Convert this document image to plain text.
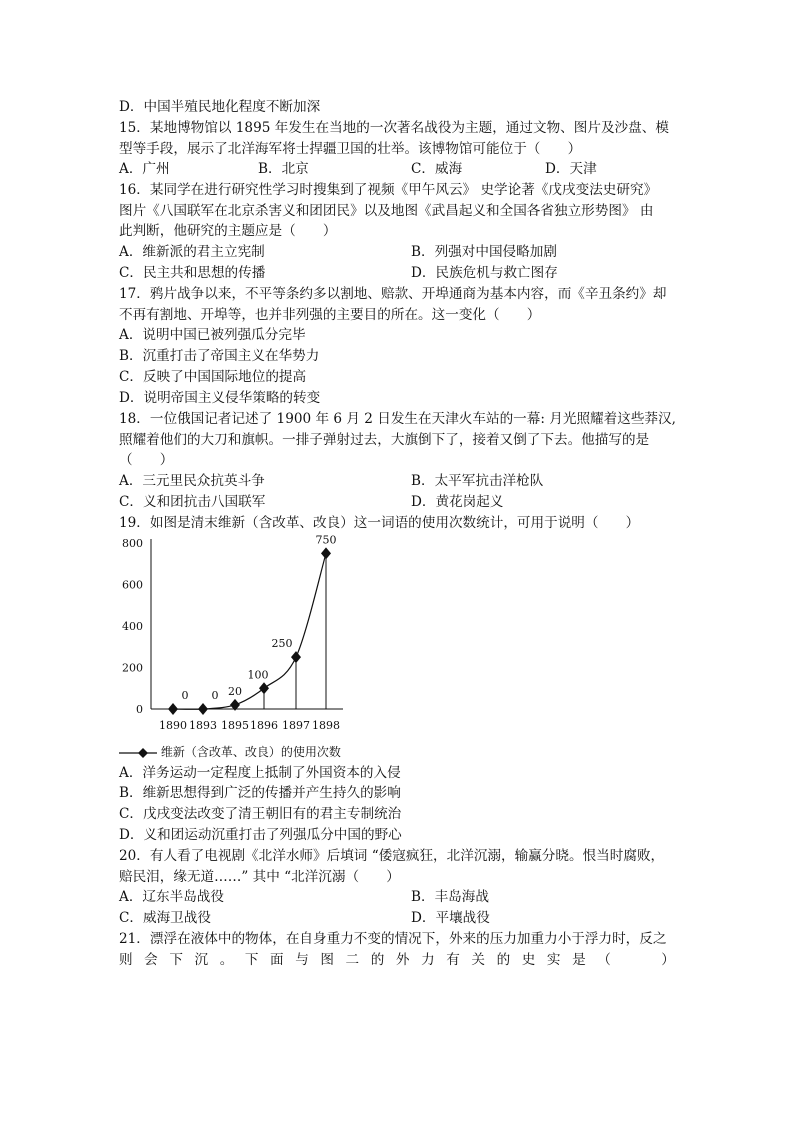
D．中国半殖民地化程度不断加深
15．某地博物馆以 1895 年发生在当地的一次著名战役为主题，通过文物、图片及沙盘、模
型等手段，展示了北洋海军将士捍疆卫国的壮举。该博物馆可能位于（　　）
A．广州	B．北京	C．威海	D．天津
16．某同学在进行研究性学习时搜集到了视频《甲午风云》 史学论著《戊戌变法史研究》
图片《八国联军在北京杀害义和团团民》以及地图《武昌起义和全国各省独立形势图》 由
此判断，他研究的主题应是（　　）
A．维新派的君主立宪制	B．列强对中国侵略加剧
C．民主共和思想的传播	D．民族危机与救亡图存
17．鸦片战争以来，不平等条约多以割地、赔款、开埠通商为基本内容，而《辛丑条约》却
不再有割地、开埠等，也并非列强的主要目的所在。这一变化（　　）
A．说明中国已被列强瓜分完毕
B．沉重打击了帝国主义在华势力
C．反映了中国国际地位的提高
D．说明帝国主义侵华策略的转变
18．一位俄国记者记述了 1900 年 6 月 2 日发生在天津火车站的一幕: 月光照耀着这些莽汉,
照耀着他们的大刀和旗帜。一排子弹射过去，大旗倒下了，接着又倒了下去。他描写的是
（　　）
A．三元里民众抗英斗争	B．太平军抗击洋枪队
C．义和团抗击八国联军	D．黄花岗起义
19．如图是清末维新（含改革、改良）这一词语的使用次数统计，可用于说明（　　）
800
600
400
200
0
1890 1893 1895 1896 1897 1898
0 0 20
100
250
750
维新（含改革、改良）的使用次数
A．洋务运动一定程度上抵制了外国资本的入侵
B．维新思想得到广泛的传播并产生持久的影响
C．戊戌变法改变了清王朝旧有的君主专制统治
D．义和团运动沉重打击了列强瓜分中国的野心
20．有人看了电视剧《北洋水师》后填词 “倭寇疯狂，北洋沉溺，输赢分晓。恨当时腐败，
赔民泪，缘无道……” 其中 “北洋沉溺（　　）
A．辽东半岛战役	B．丰岛海战
C．威海卫战役	D．平壤战役
21．漂浮在液体中的物体，在自身重力不变的情况下，外来的压力加重力小于浮力时，反之
则 会 下 沉 。 下 面 与 图 二 的 外 力 有 关 的 史 实 是 （
　　	）
